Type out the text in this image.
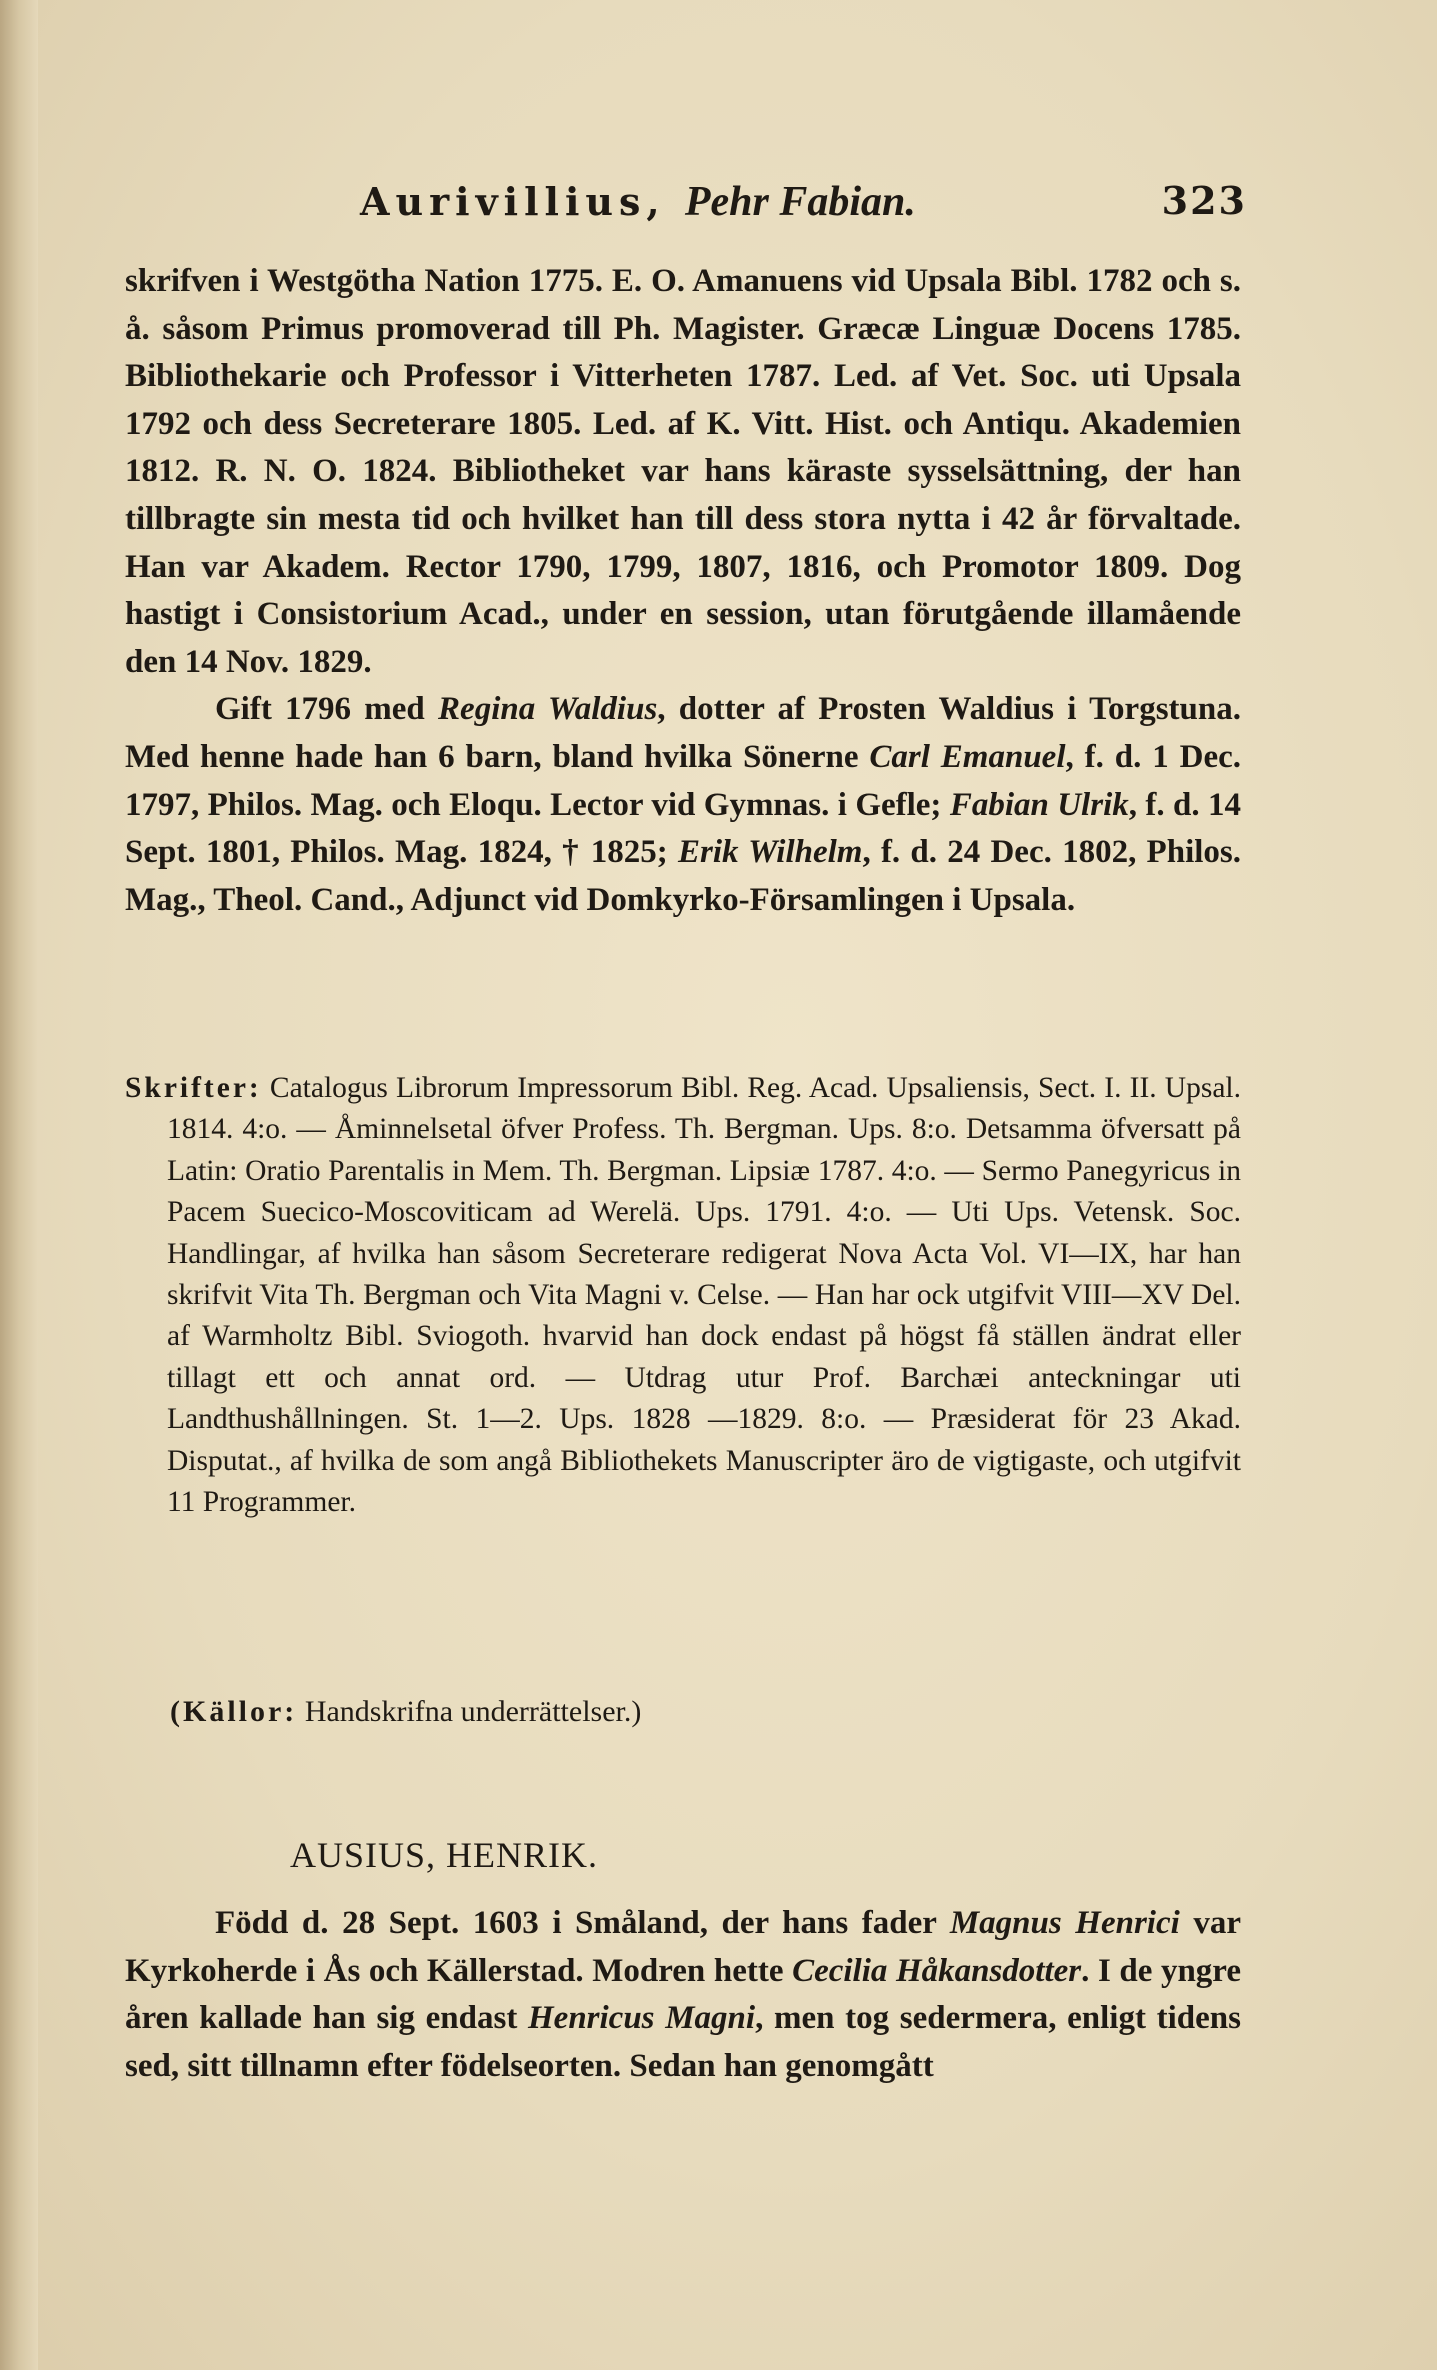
Aurivillius, Pehr Fabian.	323

skrifven i Westgötha Nation 1775. E. O. Amanuens vid Upsala Bibl. 1782 och s. å. såsom Primus promoverad till Ph. Magister. Græcæ Linguæ Docens 1785. Bibliothekarie och Professor i Vitterheten 1787. Led. af Vet. Soc. uti Upsala 1792 och dess Secreterare 1805. Led. af K. Vitt. Hist. och Antiqu. Akademien 1812. R. N. O. 1824. Bibliotheket var hans käraste sysselsättning, der han tillbragte sin mesta tid och hvilket han till dess stora nytta i 42 år förvaltade. Han var Akadem. Rector 1790, 1799, 1807, 1816, och Promotor 1809. Dog hastigt i Consistorium Acad., under en session, utan förutgående illamående den 14 Nov. 1829.

Gift 1796 med Regina Waldius, dotter af Prosten Waldius i Torgstuna. Med henne hade han 6 barn, bland hvilka Sönerne Carl Emanuel, f. d. 1 Dec. 1797, Philos. Mag. och Eloqu. Lector vid Gymnas. i Gefle; Fabian Ulrik, f. d. 14 Sept. 1801, Philos. Mag. 1824, † 1825; Erik Wilhelm, f. d. 24 Dec. 1802, Philos. Mag., Theol. Cand., Adjunct vid Domkyrko-Församlingen i Upsala.

Skrifter: Catalogus Librorum Impressorum Bibl. Reg. Acad. Upsaliensis, Sect. I. II. Upsal. 1814. 4:o. — Åminnelsetal öfver Profess. Th. Bergman. Ups. 8:o. Detsamma öfversatt på Latin: Oratio Parentalis in Mem. Th. Bergman. Lipsiæ 1787. 4:o. — Sermo Panegyricus in Pacem Suecico-Moscoviticam ad Werelä. Ups. 1791. 4:o. — Uti Ups. Vetensk. Soc. Handlingar, af hvilka han såsom Secreterare redigerat Nova Acta Vol. VI—IX, har han skrifvit Vita Th. Bergman och Vita Magni v. Celse. — Han har ock utgifvit VIII—XV Del. af Warmholtz Bibl. Sviogoth. hvarvid han dock endast på högst få ställen ändrat eller tillagt ett och annat ord. — Utdrag utur Prof. Barchæi anteckningar uti Landthushållningen. St. 1—2. Ups. 1828 —1829. 8:o. — Præsiderat för 23 Akad. Disputat., af hvilka de som angå Bibliothekets Manuscripter äro de vigtigaste, och utgifvit 11 Programmer.

(Källor: Handskrifna underrättelser.)
AUSIUS, HENRIK.

Född d. 28 Sept. 1603 i Småland, der hans fader Magnus Henrici var Kyrkoherde i Ås och Källerstad. Modren hette Cecilia Håkansdotter. I de yngre åren kallade han sig endast Henricus Magni, men tog sedermera, enligt tidens sed, sitt tillnamn efter födelseorten. Sedan han genomgått
